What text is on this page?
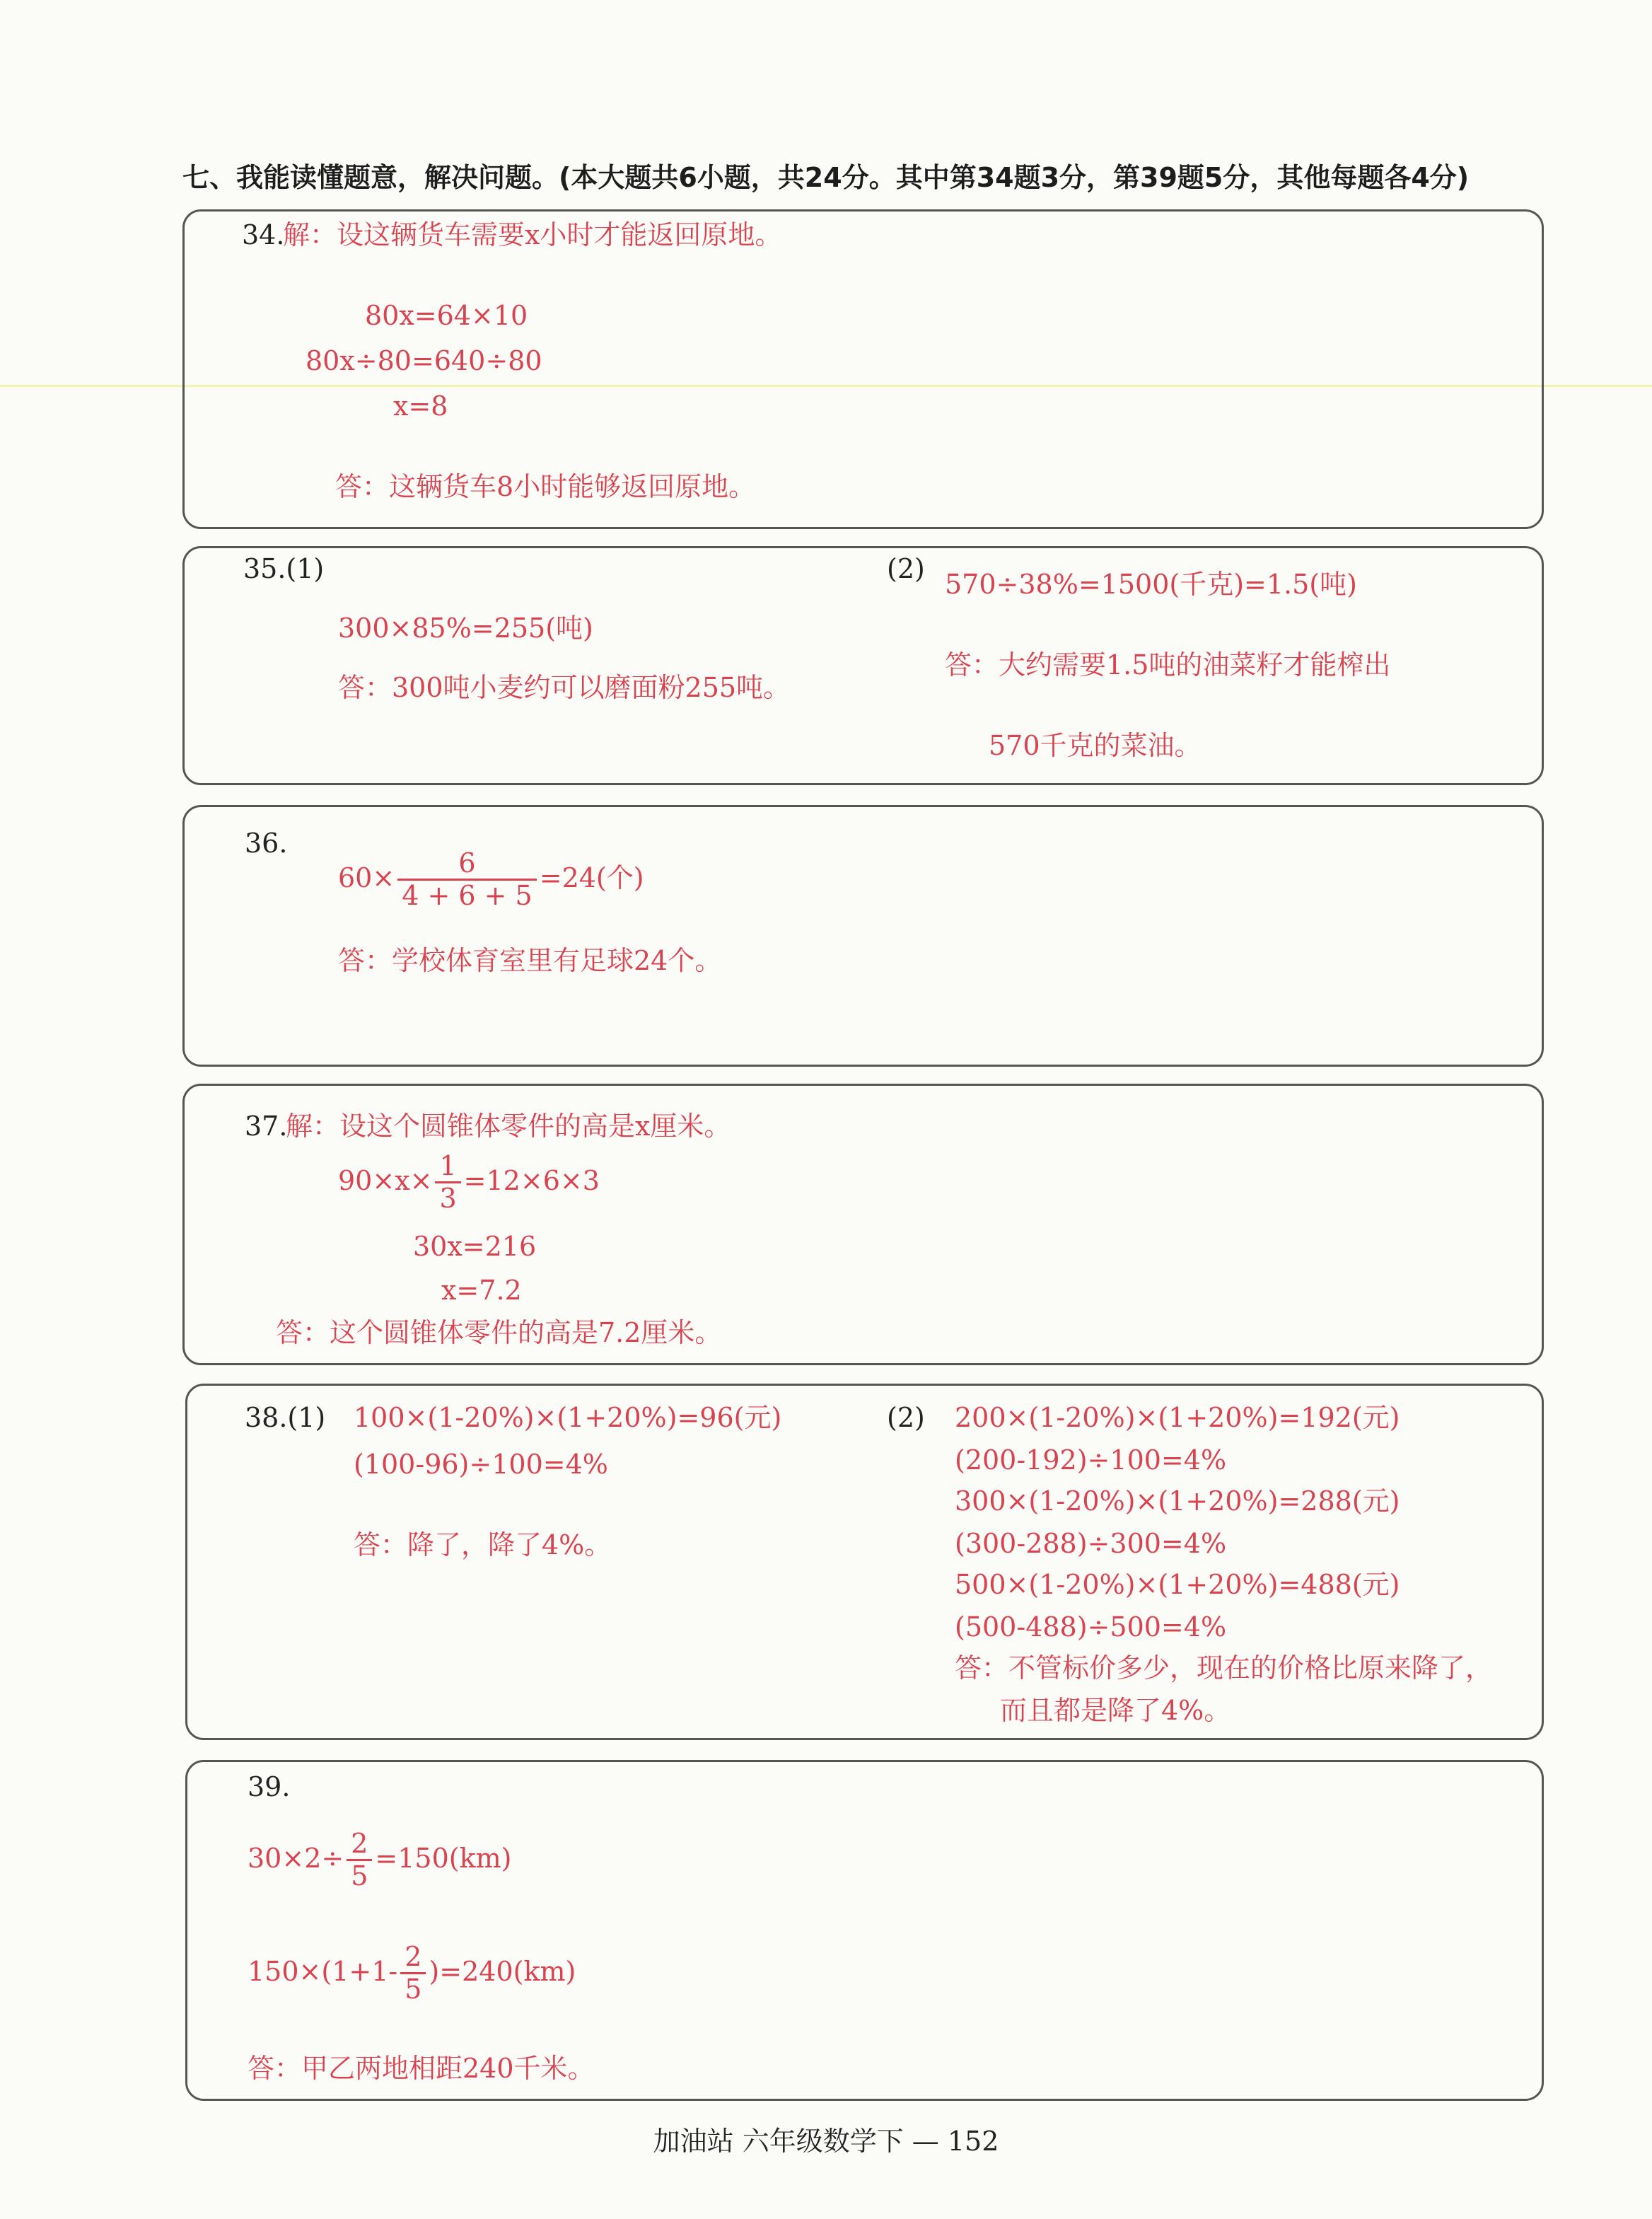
七、我能读懂题意，解决问题。(本大题共6小题，共24分。其中第34题3分，第39题5分，其他每题各4分)
34.
解：设这辆货车需要x小时才能返回原地。
80x=64×10
80x÷80=640÷80
x=8
答：这辆货车8小时能够返回原地。
35.(1)
300×85%=255(吨)
答：300吨小麦约可以磨面粉255吨。
(2) 570÷38%=1500(千克)=1.5(吨)
答：大约需要1.5吨的油菜籽才能榨出
570千克的菜油。
36.
$60\times \frac{6}{4 + 6 + 5} =24$(个)
答：学校体育室里有足球24个。
37.
解：设这个圆锥体零件的高是x厘米。
$90\times x\times \frac{1}{3} =12\times 6\times 3$
30x=216
x=7.2
答：这个圆锥体零件的高是7.2厘米。
38.(1) 100×(1-20%)×(1+20%)=96(元)
(100-96)÷100=4%
答：降了，降了4%。
(2) 200×(1-20%)×(1+20%)=192(元)
(200-192)÷100=4%
300×(1-20%)×(1+20%)=288(元)
(300-288)÷300=4%
500×(1-20%)×(1+20%)=488(元)
(500-488)÷500=4%
答：不管标价多少，现在的价格比原来降了，
而且都是降了4%。
39.
$30\times 2\div \frac{2}{5} =150(km)$
$150\times(1+1- \frac{2}{5} )=240(km)$
答：甲乙两地相距240千米。
加油站 六年级数学下 — 152
